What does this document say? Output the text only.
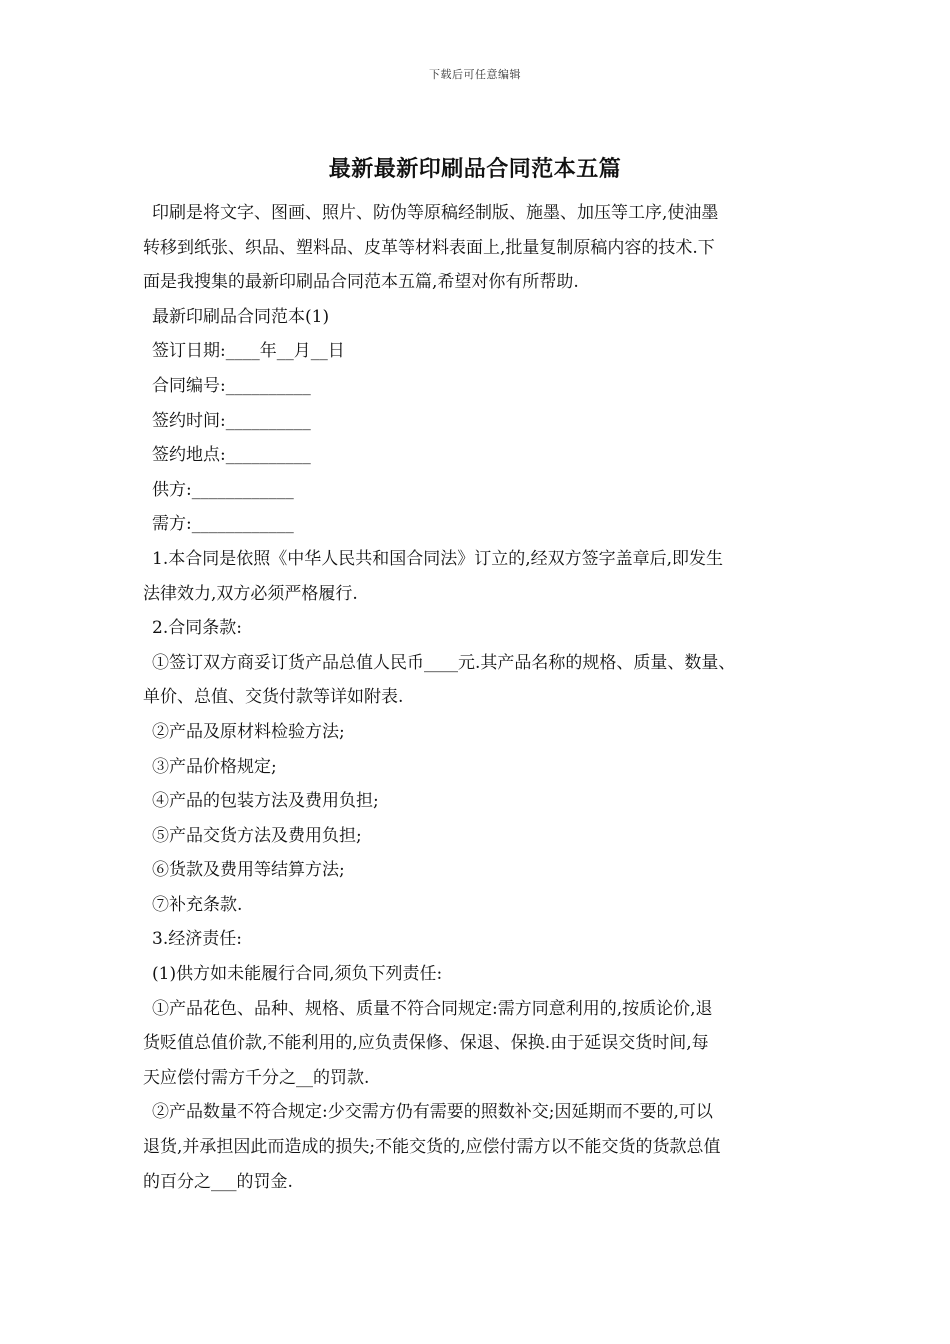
下载后可任意编辑
最新最新印刷品合同范本五篇
印刷是将文字、图画、照片、防伪等原稿经制版、施墨、加压等工序,使油墨
转移到纸张、织品、塑料品、皮革等材料表面上,批量复制原稿内容的技术.下
面是我搜集的最新印刷品合同范本五篇,希望对你有所帮助.
最新印刷品合同范本(1)
签订日期:____年__月__日
合同编号:__________
签约时间:__________
签约地点:__________
供方:____________
需方:____________
1.本合同是依照《中华人民共和国合同法》订立的,经双方签字盖章后,即发生
法律效力,双方必须严格履行.
2.合同条款:
①签订双方商妥订货产品总值人民币____元.其产品名称的规格、质量、数量、
单价、总值、交货付款等详如附表.
②产品及原材料检验方法;
③产品价格规定;
④产品的包装方法及费用负担;
⑤产品交货方法及费用负担;
⑥货款及费用等结算方法;
⑦补充条款.
3.经济责任:
(1)供方如未能履行合同,须负下列责任:
①产品花色、品种、规格、质量不符合同规定:需方同意利用的,按质论价,退
货贬值总值价款,不能利用的,应负责保修、保退、保换.由于延误交货时间,每
天应偿付需方千分之__的罚款.
②产品数量不符合规定:少交需方仍有需要的照数补交;因延期而不要的,可以
退货,并承担因此而造成的损失;不能交货的,应偿付需方以不能交货的货款总值
的百分之___的罚金.
